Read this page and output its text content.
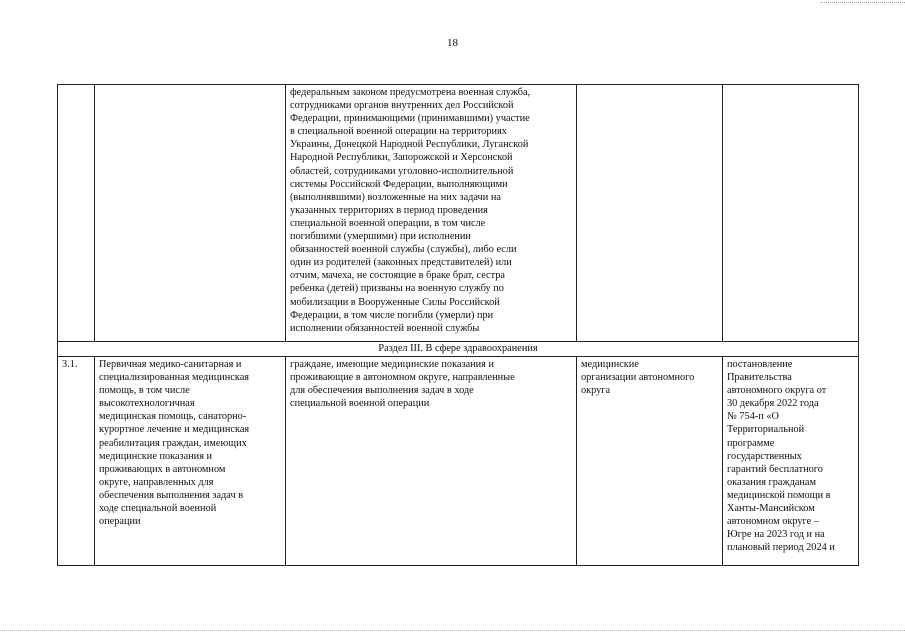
18
федеральным законом предусмотрена военная служба,
сотрудниками органов внутренних дел Российской
Федерации, принимающими (принимавшими) участие
в специальной военной операции на территориях
Украины, Донецкой Народной Республики, Луганской
Народной Республики, Запорожской и Херсонской
областей, сотрудниками уголовно-исполнительной
системы Российской Федерации, выполняющими
(выполнявшими) возложенные на них задачи на
указанных территориях в период проведения
специальной военной операции, в том числе
погибшими (умершими) при исполнении
обязанностей военной службы (службы), либо если
один из родителей (законных представителей) или
отчим, мачеха, не состоящие в браке брат, сестра
ребенка (детей) призваны на военную службу по
мобилизации в Вооруженные Силы Российской
Федерации, в том числе погибли (умерли) при
исполнении обязанностей военной службы
Раздел III. В сфере здравоохранения
3.1.	Первичная медико-санитарная и
специализированная медицинская
помощь, в том числе
высокотехнологичная
медицинская помощь, санаторно-
курортное лечение и медицинская
реабилитация граждан, имеющих
медицинские показания и
проживающих в автономном
округе, направленных для
обеспечения выполнения задач в
ходе специальной военной
операции
граждане, имеющие медицинские показания и
проживающие в автономном округе, направленные
для обеспечения выполнения задач в ходе
специальной военной операции
медицинские
организации автономного
округа
постановление
Правительства
автономного округа от
30 декабря 2022 года
№ 754-п «О
Территориальной
программе
государственных
гарантий бесплатного
оказания гражданам
медицинской помощи в
Ханты-Мансийском
автономном округе –
Югре на 2023 год и на
плановый период 2024 и
